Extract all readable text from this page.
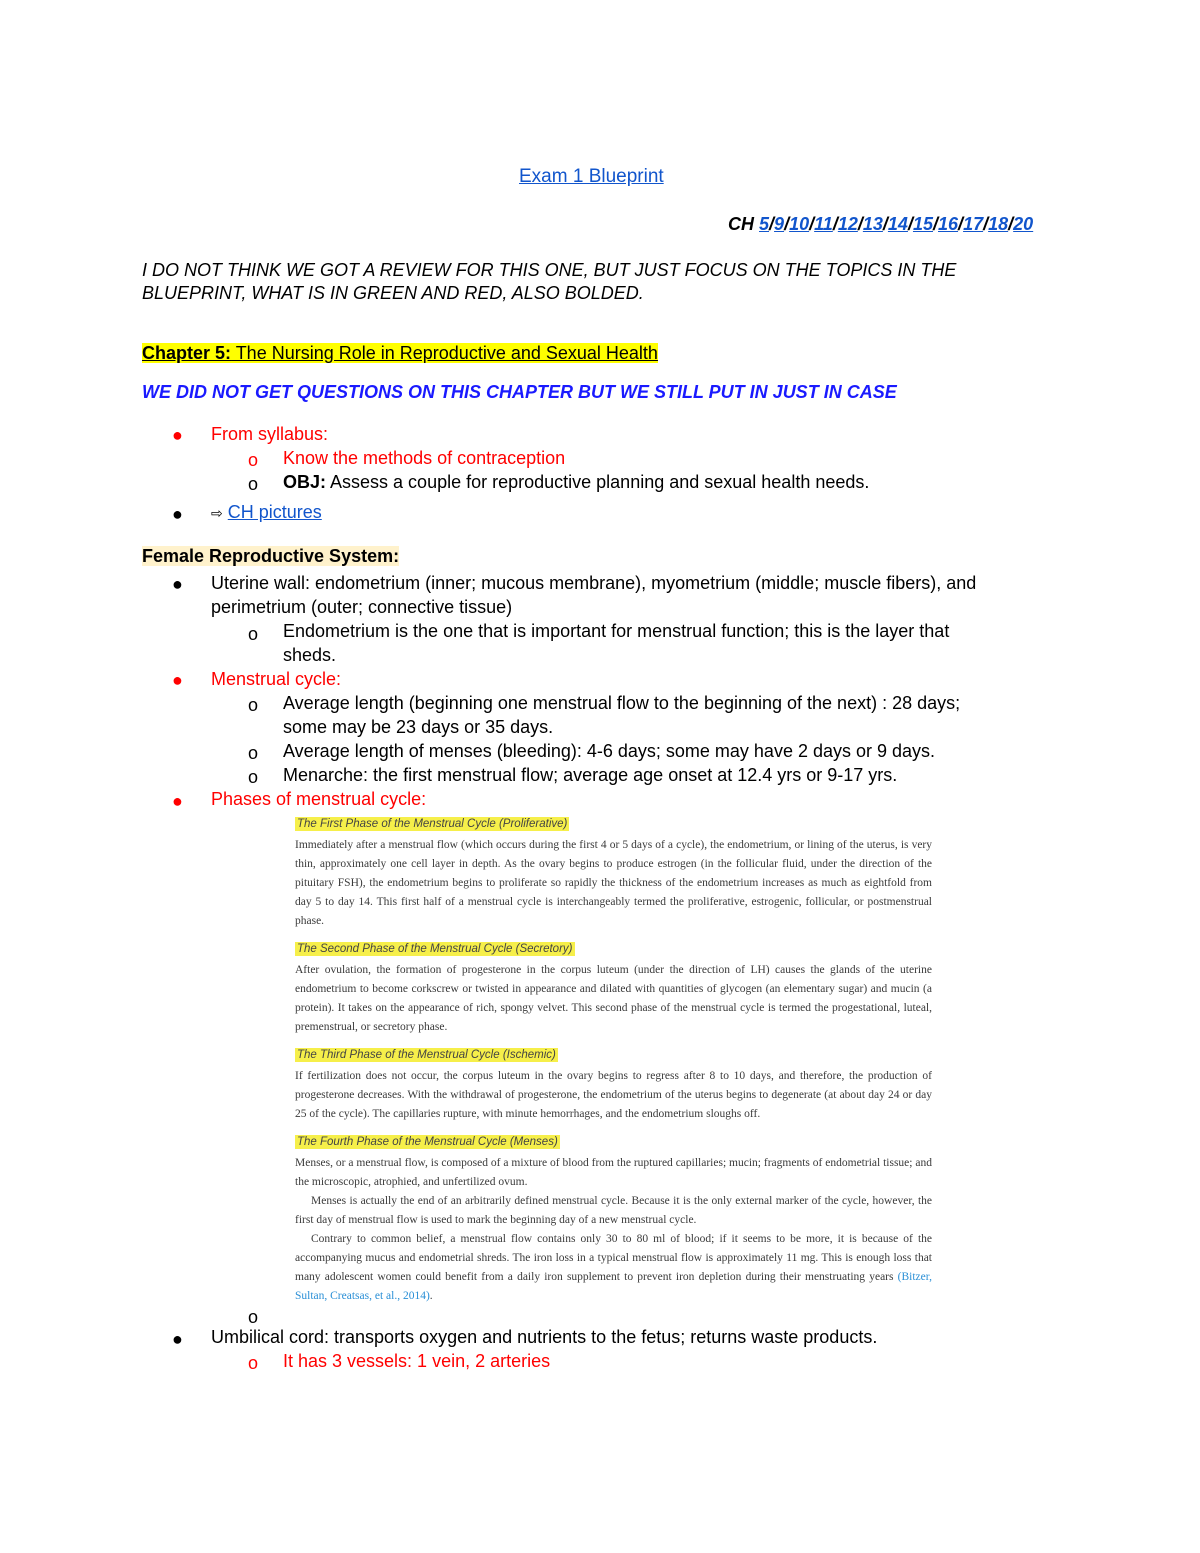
Exam 1 Blueprint
CH 5/9/10/11/12/13/14/15/16/17/18/20
I DO NOT THINK WE GOT A REVIEW FOR THIS ONE, BUT JUST FOCUS ON THE TOPICS IN THE
BLUEPRINT, WHAT IS IN GREEN AND RED, ALSO BOLDED.
Chapter 5: The Nursing Role in Reproductive and Sexual Health
WE DID NOT GET QUESTIONS ON THIS CHAPTER BUT WE STILL PUT IN JUST IN CASE
● From syllabus:
o Know the methods of contraception
o OBJ: Assess a couple for reproductive planning and sexual health needs.
● ⇨ CH pictures
Female Reproductive System:
● Uterine wall: endometrium (inner; mucous membrane), myometrium (middle; muscle fibers), and
perimetrium (outer; connective tissue)
o Endometrium is the one that is important for menstrual function; this is the layer that
sheds.
● Menstrual cycle:
o Average length (beginning one menstrual flow to the beginning of the next) : 28 days;
some may be 23 days or 35 days.
o Average length of menses (bleeding): 4-6 days; some may have 2 days or 9 days.
o Menarche: the first menstrual flow; average age onset at 12.4 yrs or 9-17 yrs.
● Phases of menstrual cycle:
The First Phase of the Menstrual Cycle (Proliferative)
Immediately after a menstrual flow (which occurs during the first 4 or 5 days of a cycle), the endometrium, or lining of the uterus, is very thin, approximately one cell layer in depth. As the ovary begins to produce estrogen (in the follicular fluid, under the direction of the pituitary FSH), the endometrium begins to proliferate so rapidly the thickness of the endometrium increases as much as eightfold from day 5 to day 14. This first half of a menstrual cycle is interchangeably termed the proliferative, estrogenic, follicular, or postmenstrual phase.
The Second Phase of the Menstrual Cycle (Secretory)
After ovulation, the formation of progesterone in the corpus luteum (under the direction of LH) causes the glands of the uterine endometrium to become corkscrew or twisted in appearance and dilated with quantities of glycogen (an elementary sugar) and mucin (a protein). It takes on the appearance of rich, spongy velvet. This second phase of the menstrual cycle is termed the progestational, luteal, premenstrual, or secretory phase.
The Third Phase of the Menstrual Cycle (Ischemic)
If fertilization does not occur, the corpus luteum in the ovary begins to regress after 8 to 10 days, and therefore, the production of progesterone decreases. With the withdrawal of progesterone, the endometrium of the uterus begins to degenerate (at about day 24 or day 25 of the cycle). The capillaries rupture, with minute hemorrhages, and the endometrium sloughs off.
The Fourth Phase of the Menstrual Cycle (Menses)
Menses, or a menstrual flow, is composed of a mixture of blood from the ruptured capillaries; mucin; fragments of endometrial tissue; and the microscopic, atrophied, and unfertilized ovum.
Menses is actually the end of an arbitrarily defined menstrual cycle. Because it is the only external marker of the cycle, however, the first day of menstrual flow is used to mark the beginning day of a new menstrual cycle.
Contrary to common belief, a menstrual flow contains only 30 to 80 ml of blood; if it seems to be more, it is because of the accompanying mucus and endometrial shreds. The iron loss in a typical menstrual flow is approximately 11 mg. This is enough loss that many adolescent women could benefit from a daily iron supplement to prevent iron depletion during their menstruating years (Bitzer, Sultan, Creatsas, et al., 2014).
o
● Umbilical cord: transports oxygen and nutrients to the fetus; returns waste products.
o It has 3 vessels: 1 vein, 2 arteries
